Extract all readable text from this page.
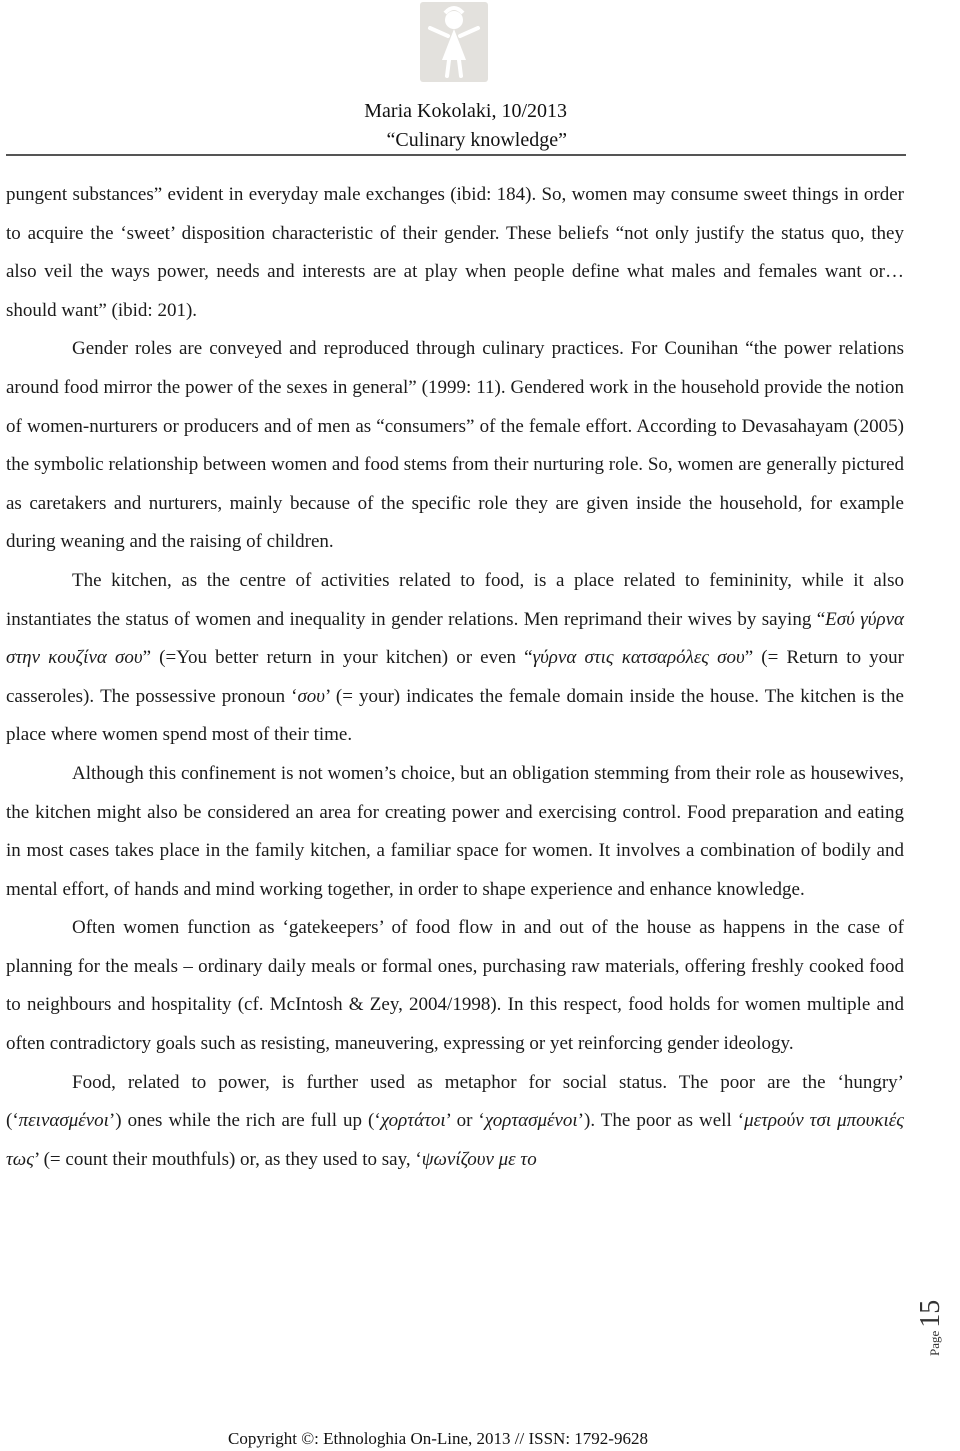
Maria Kokolaki, 10/2013
“Culinary knowledge”

pungent substances” evident in everyday male exchanges (ibid: 184). So, women may consume sweet things in order to acquire the ‘sweet’ disposition characteristic of their gender. These beliefs “not only justify the status quo, they also veil the ways power, needs and interests are at play when people define what males and females want or… should want” (ibid: 201).

Gender roles are conveyed and reproduced through culinary practices. For Counihan “the power relations around food mirror the power of the sexes in general” (1999: 11). Gendered work in the household provide the notion of women-nurturers or producers and of men as “consumers” of the female effort. According to Devasahayam (2005) the symbolic relationship between women and food stems from their nurturing role. So, women are generally pictured as caretakers and nurturers, mainly because of the specific role they are given inside the household, for example during weaning and the raising of children.

The kitchen, as the centre of activities related to food, is a place related to femininity, while it also instantiates the status of women and inequality in gender relations. Men reprimand their wives by saying “Εσύ γύρνα στην κουζίνα σου” (=You better return in your kitchen) or even “γύρνα στις κατσαρόλες σου” (= Return to your casseroles). The possessive pronoun ‘σου’ (= your) indicates the female domain inside the house. The kitchen is the place where women spend most of their time.

Although this confinement is not women’s choice, but an obligation stemming from their role as housewives, the kitchen might also be considered an area for creating power and exercising control. Food preparation and eating in most cases takes place in the family kitchen, a familiar space for women. It involves a combination of bodily and mental effort, of hands and mind working together, in order to shape experience and enhance knowledge.

Often women function as ‘gatekeepers’ of food flow in and out of the house as happens in the case of planning for the meals – ordinary daily meals or formal ones, purchasing raw materials, offering freshly cooked food to neighbours and hospitality (cf. McIntosh & Zey, 2004/1998). In this respect, food holds for women multiple and often contradictory goals such as resisting, maneuvering, expressing or yet reinforcing gender ideology.

Food, related to power, is further used as metaphor for social status. The poor are the ‘hungry’ (‘πεινασμένοι’) ones while the rich are full up (‘χορτάτοι’ or ‘χορτασμένοι’). The poor as well ‘μετρούν τσι μπουκιές τως’ (= count their mouthfuls) or, as they used to say, ‘ψωνίζουν με το

Page15
Copyright ©: Ethnologhia On-Line, 2013 // ISSN: 1792-9628
